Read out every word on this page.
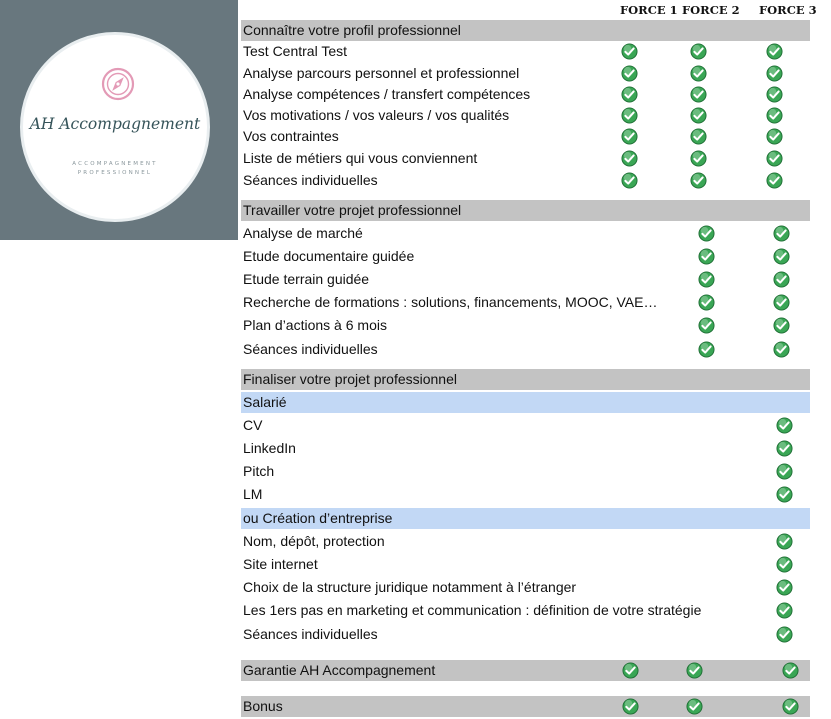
AH Accompagnement
ACCOMPAGNEMENT
PROFESSIONNEL
FORCE 1 FORCE 2 FORCE 3
Connaître votre profil professionnel
Test Central Test
Analyse parcours personnel et professionnel
Analyse compétences / transfert compétences
Vos motivations / vos valeurs / vos qualités
Vos contraintes
Liste de métiers qui vous conviennent
Séances individuelles
Travailler votre projet professionnel
Analyse de marché
Etude documentaire guidée
Etude terrain guidée
Recherche de formations : solutions, financements, MOOC, VAE…
Plan d’actions à 6 mois
Séances individuelles
Finaliser votre projet professionnel
Salarié
CV
LinkedIn
Pitch
LM
ou Création d’entreprise
Nom, dépôt, protection
Site internet
Choix de la structure juridique notamment à l’étranger
Les 1ers pas en marketing et communication : définition de votre stratégie
Séances individuelles
Garantie AH Accompagnement
Bonus
